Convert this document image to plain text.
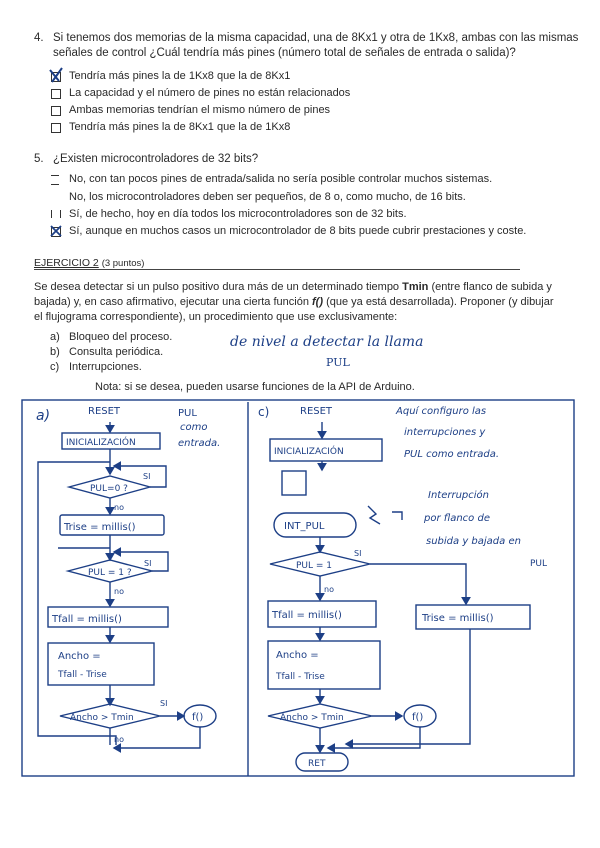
4. Si tenemos dos memorias de la misma capacidad, una de 8Kx1 y otra de 1Kx8, ambas con las mismas
señales de control ¿Cuál tendría más pines (número total de señales de entrada o salida)?
Tendría más pines la de 1Kx8 que la de 8Kx1
La capacidad y el número de pines no están relacionados
Ambas memorias tendrían el mismo número de pines
Tendría más pines la de 8Kx1 que la de 1Kx8
5. ¿Existen microcontroladores de 32 bits?
No, con tan pocos pines de entrada/salida no sería posible controlar muchos sistemas.
No, los microcontroladores deben ser pequeños, de 8 o, como mucho, de 16 bits.
Sí, de hecho, hoy en día todos los microcontroladores son de 32 bits.
Sí, aunque en muchos casos un microcontrolador de 8 bits puede cubrir prestaciones y coste.
EJERCICIO 2 (3 puntos)
Se desea detectar si un pulso positivo dura más de un determinado tiempo Tmin (entre flanco de subida y
bajada) y, en caso afirmativo, ejecutar una cierta función f() (que ya está desarrollada). Proponer (y dibujar
el flujograma correspondiente), un procedimiento que use exclusivamente:
a) Bloqueo del proceso.
b) Consulta periódica.
c) Interrupciones.
de nivel a detectar la llama
PUL
Nota: si se desea, pueden usarse funciones de la API de Arduino.
a)	RESET	PUL
como
entrada.
INICIALIZACIÓN
PUL=0 ?
SI
no
Trise = millis()
PUL = 1 ?
SI
no
Tfall = millis()
Ancho =
Tfall - Trise
Ancho > Tmin
SI
no
f()
c)	RESET	Aquí configuro las
interrupciones y
PUL como entrada.
INICIALIZACIÓN
INT_PUL
Interrupción
por flanco de
subida y bajada en
PUL
PUL = 1
SI
no
Tfall = millis()	Trise = millis()
Ancho =
Tfall - Trise
Ancho > Tmin	f()
RET
